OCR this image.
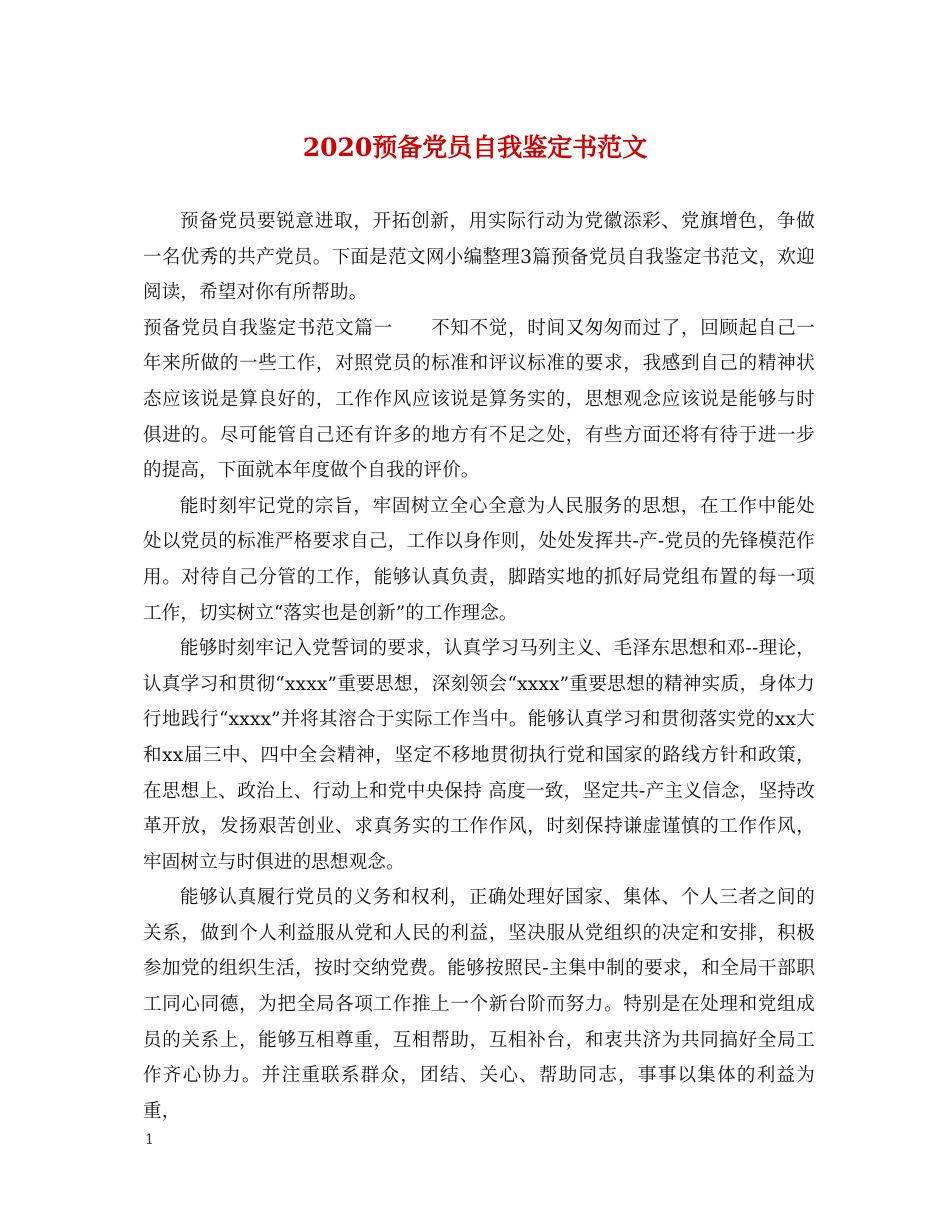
2020预备党员自我鉴定书范文

预备党员要锐意进取，开拓创新，用实际行动为党徽添彩、党旗增色，争做一名优秀的共产党员。下面是范文网小编整理3篇预备党员自我鉴定书范文，欢迎阅读，希望对你有所帮助。

预备党员自我鉴定书范文篇一　　不知不觉，时间又匆匆而过了，回顾起自己一年来所做的一些工作，对照党员的标准和评议标准的要求，我感到自己的精神状态应该说是算良好的，工作作风应该说是算务实的，思想观念应该说是能够与时俱进的。尽可能管自己还有许多的地方有不足之处，有些方面还将有待于进一步的提高，下面就本年度做个自我的评价。

能时刻牢记党的宗旨，牢固树立全心全意为人民服务的思想，在工作中能处处以党员的标准严格要求自己，工作以身作则，处处发挥共-产-党员的先锋模范作用。对待自己分管的工作，能够认真负责，脚踏实地的抓好局党组布置的每一项工作，切实树立“落实也是创新”的工作理念。

能够时刻牢记入党誓词的要求，认真学习马列主义、毛泽东思想和邓--理论，认真学习和贯彻“xxxx”重要思想，深刻领会“xxxx”重要思想的精神实质，身体力行地践行“xxxx”并将其溶合于实际工作当中。能够认真学习和贯彻落实党的xx大和xx届三中、四中全会精神，坚定不移地贯彻执行党和国家的路线方针和政策，在思想上、政治上、行动上和党中央保持 高度一致，坚定共-产主义信念，坚持改革开放，发扬艰苦创业、求真务实的工作作风，时刻保持谦虚谨慎的工作作风，牢固树立与时俱进的思想观念。

能够认真履行党员的义务和权利，正确处理好国家、集体、个人三者之间的关系，做到个人利益服从党和人民的利益，坚决服从党组织的决定和安排，积极参加党的组织生活，按时交纳党费。能够按照民-主集中制的要求，和全局干部职工同心同德，为把全局各项工作推上一个新台阶而努力。特别是在处理和党组成员的关系上，能够互相尊重，互相帮助，互相补台，和衷共济为共同搞好全局工作齐心协力。并注重联系群众，团结、关心、帮助同志，事事以集体的利益为重，

1
